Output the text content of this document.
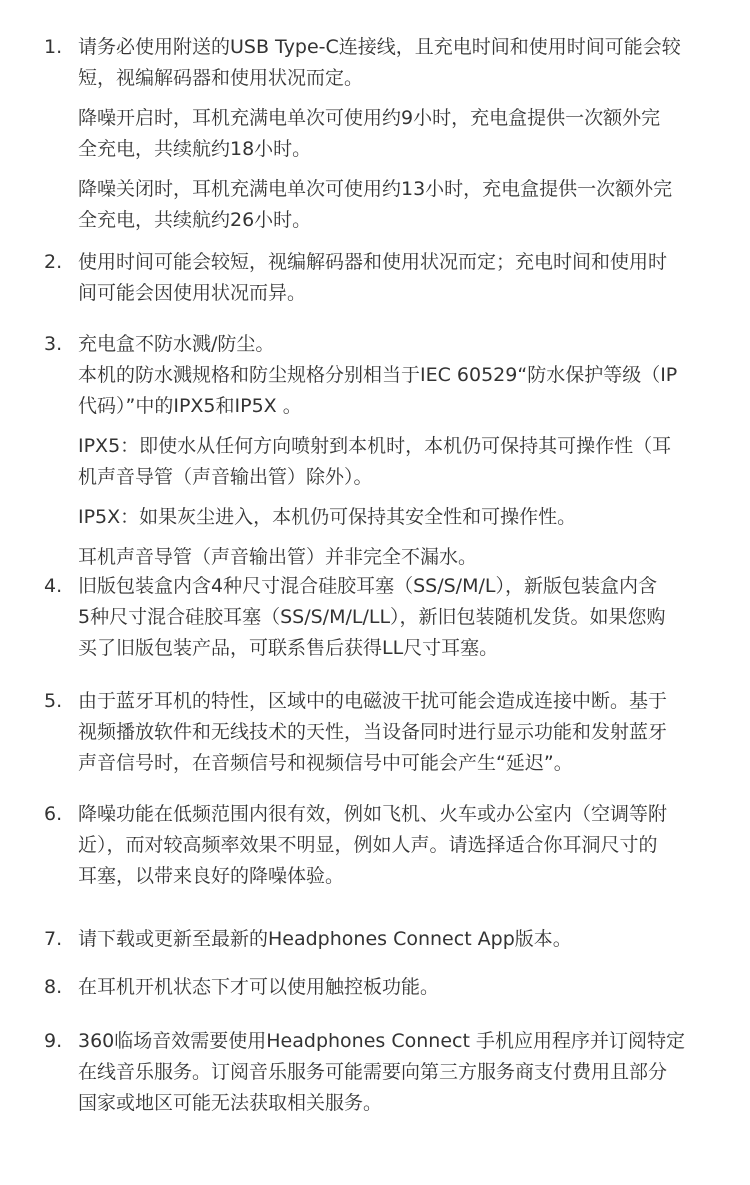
1. 请务必使用附送的USB Type-C连接线，且充电时间和使用时间可能会较
短，视编解码器和使用状况而定。
降噪开启时，耳机充满电单次可使用约9小时，充电盒提供一次额外完
全充电，共续航约18小时。
降噪关闭时，耳机充满电单次可使用约13小时，充电盒提供一次额外完
全充电，共续航约26小时。
2. 使用时间可能会较短，视编解码器和使用状况而定；充电时间和使用时
间可能会因使用状况而异。
3. 充电盒不防水溅/防尘。
本机的防水溅规格和防尘规格分别相当于IEC 60529“防水保护等级（IP
代码）”中的IPX5和IP5X 。
IPX5：即使水从任何方向喷射到本机时，本机仍可保持其可操作性（耳
机声音导管（声音输出管）除外）。
IP5X：如果灰尘进入，本机仍可保持其安全性和可操作性。
耳机声音导管（声音输出管）并非完全不漏水。
4. 旧版包装盒内含4种尺寸混合硅胶耳塞（SS/S/M/L），新版包装盒内含
5种尺寸混合硅胶耳塞（SS/S/M/L/LL），新旧包装随机发货。如果您购
买了旧版包装产品，可联系售后获得LL尺寸耳塞。
5. 由于蓝牙耳机的特性，区域中的电磁波干扰可能会造成连接中断。基于
视频播放软件和无线技术的天性，当设备同时进行显示功能和发射蓝牙
声音信号时，在音频信号和视频信号中可能会产生“延迟”。
6. 降噪功能在低频范围内很有效，例如飞机、火车或办公室内（空调等附
近），而对较高频率效果不明显，例如人声。请选择适合你耳洞尺寸的
耳塞，以带来良好的降噪体验。
7. 请下载或更新至最新的Headphones Connect App版本。
8. 在耳机开机状态下才可以使用触控板功能。
9. 360临场音效需要使用Headphones Connect 手机应用程序并订阅特定
在线音乐服务。订阅音乐服务可能需要向第三方服务商支付费用且部分
国家或地区可能无法获取相关服务。
